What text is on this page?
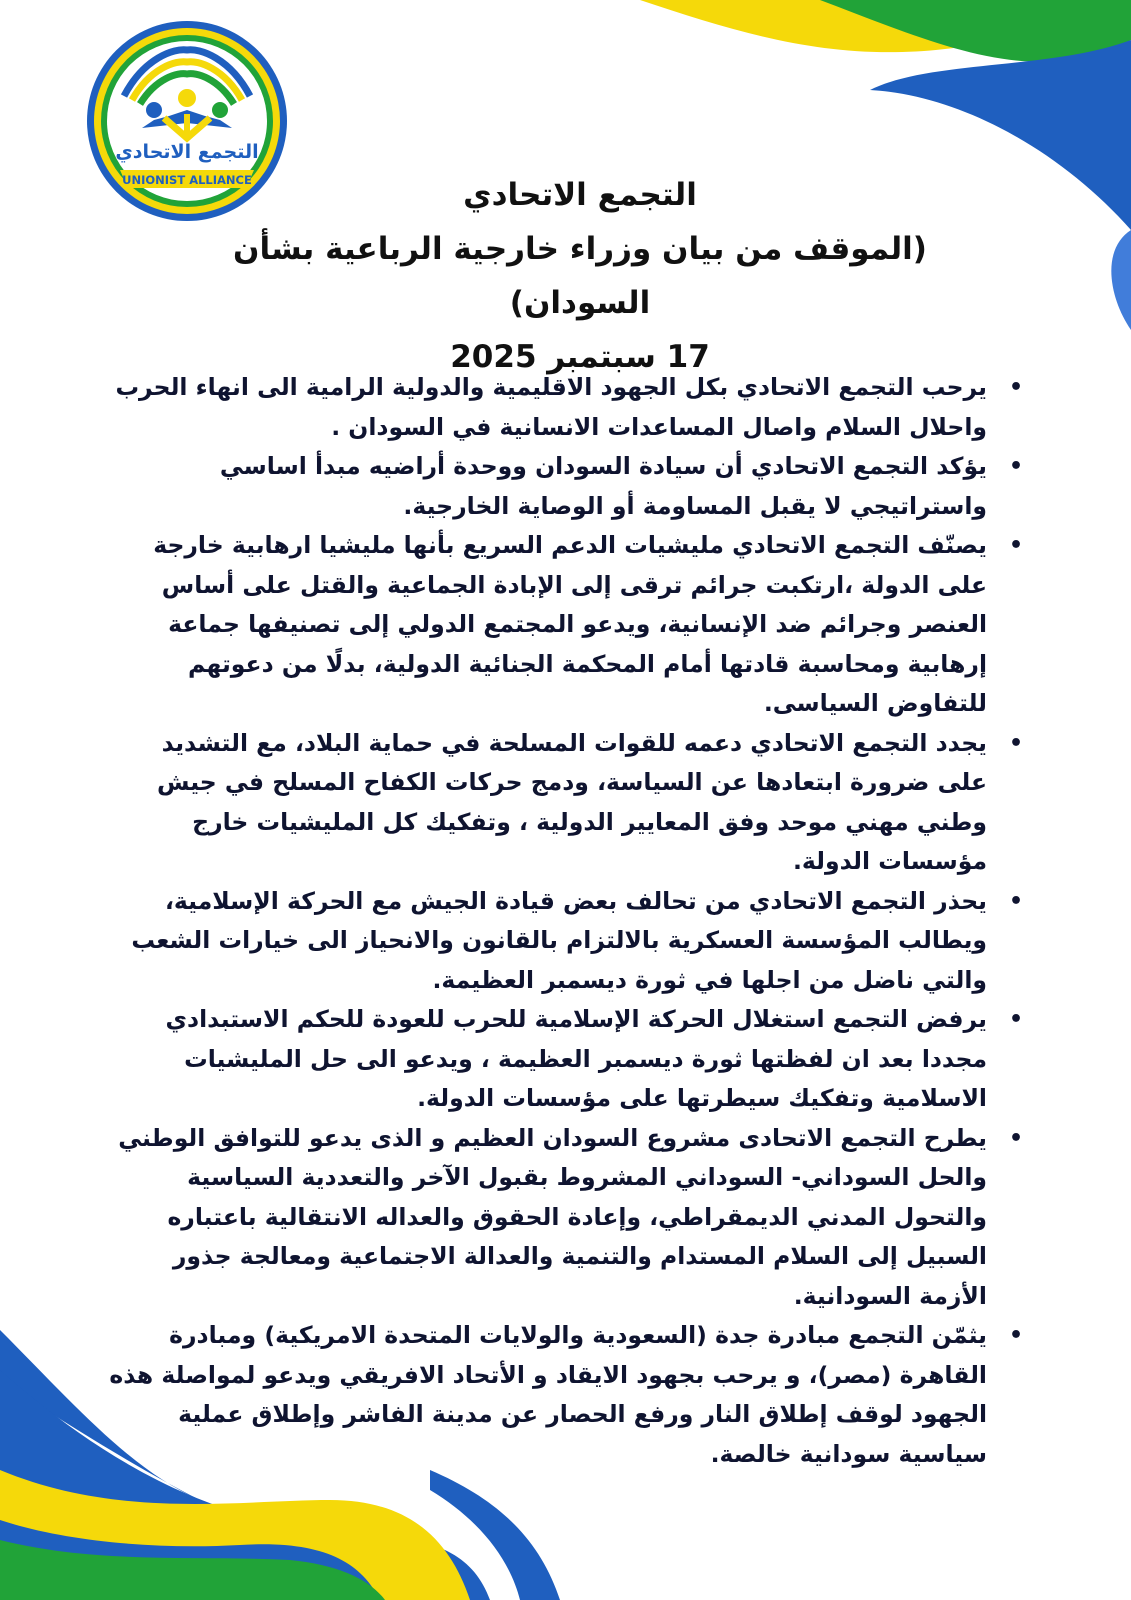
التجمع الاتحادي
UNIONIST ALLIANCE	التجمع الاتحادي
(الموقف من بيان وزراء خارجية الرباعية بشأن السودان)
17 سبتمبر 2025
•
يرحب التجمع الاتحادي بكل الجهود الاقليمية والدولية الرامية الى انهاء الحرب واحلال السلام واصال المساعدات الانسانية في السودان .
•
يؤكد التجمع الاتحادي أن سيادة السودان ووحدة أراضيه مبدأ اساسي واستراتيجي لا يقبل المساومة أو الوصاية الخارجية.
•
يصنّف التجمع الاتحادي مليشيات الدعم السريع بأنها مليشيا ارهابية خارجة على الدولة ،ارتكبت جرائم ترقى إلى الإبادة الجماعية والقتل على أساس العنصر وجرائم ضد الإنسانية، ويدعو المجتمع الدولي إلى تصنيفها جماعة إرهابية ومحاسبة قادتها أمام المحكمة الجنائية الدولية، بدلًا من دعوتهم للتفاوض السياسى.
•
يجدد التجمع الاتحادي دعمه للقوات المسلحة في حماية البلاد، مع التشديد على ضرورة ابتعادها عن السياسة، ودمج حركات الكفاح المسلح في جيش وطني مهني موحد وفق المعايير الدولية ، وتفكيك كل المليشيات خارج مؤسسات الدولة.
•
يحذر التجمع الاتحادي من تحالف بعض قيادة الجيش مع الحركة الإسلامية، ويطالب المؤسسة العسكرية بالالتزام بالقانون والانحياز الى خيارات الشعب والتي ناضل من اجلها في ثورة ديسمبر العظيمة.
•
يرفض التجمع استغلال الحركة الإسلامية للحرب للعودة للحكم الاستبدادي مجددا بعد ان لفظتها ثورة ديسمبر العظيمة ، ويدعو الى حل المليشيات الاسلامية وتفكيك سيطرتها على مؤسسات الدولة.
•
يطرح التجمع الاتحادى مشروع السودان العظيم و الذى يدعو للتوافق الوطني والحل السوداني- السوداني المشروط بقبول الآخر والتعددية السياسية والتحول المدني الديمقراطي، وإعادة الحقوق والعداله الانتقالية باعتباره السبيل إلى السلام المستدام والتنمية والعدالة الاجتماعية ومعالجة جذور الأزمة السودانية.
•
يثمّن التجمع مبادرة جدة (السعودية والولايات المتحدة الامريكية) ومبادرة القاهرة (مصر)، و يرحب بجهود الايقاد و الأتحاد الافريقي ويدعو لمواصلة هذه الجهود لوقف إطلاق النار ورفع الحصار عن مدينة الفاشر وإطلاق عملية سياسية سودانية خالصة.
